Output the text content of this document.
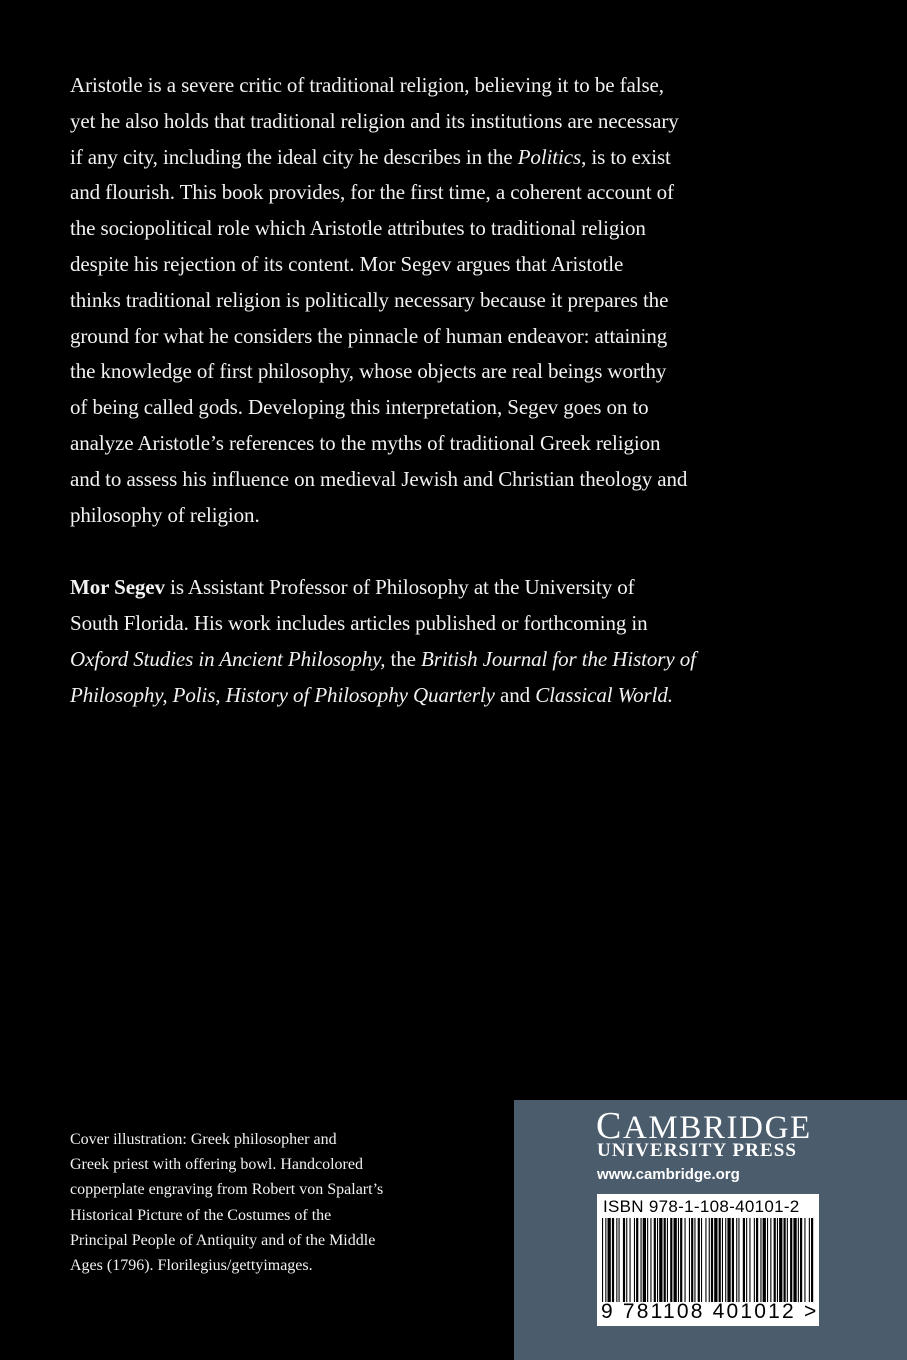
Aristotle is a severe critic of traditional religion, believing it to be false,
yet he also holds that traditional religion and its institutions are necessary
if any city, including the ideal city he describes in the Politics, is to exist
and flourish. This book provides, for the first time, a coherent account of
the sociopolitical role which Aristotle attributes to traditional religion
despite his rejection of its content. Mor Segev argues that Aristotle
thinks traditional religion is politically necessary because it prepares the
ground for what he considers the pinnacle of human endeavor: attaining
the knowledge of first philosophy, whose objects are real beings worthy
of being called gods. Developing this interpretation, Segev goes on to
analyze Aristotle’s references to the myths of traditional Greek religion
and to assess his influence on medieval Jewish and Christian theology and
philosophy of religion.

Mor Segev is Assistant Professor of Philosophy at the University of
South Florida. His work includes articles published or forthcoming in
Oxford Studies in Ancient Philosophy, the British Journal for the History of
Philosophy, Polis, History of Philosophy Quarterly and Classical World.
Cover illustration: Greek philosopher and
Greek priest with offering bowl. Handcolored
copperplate engraving from Robert von Spalart’s
Historical Picture of the Costumes of the
Principal People of Antiquity and of the Middle
Ages (1796). Florilegius/gettyimages.
CAMBRIDGE
UNIVERSITY PRESS
www.cambridge.org
ISBN 978-1-108-40101-2
9 781108 401012 >
